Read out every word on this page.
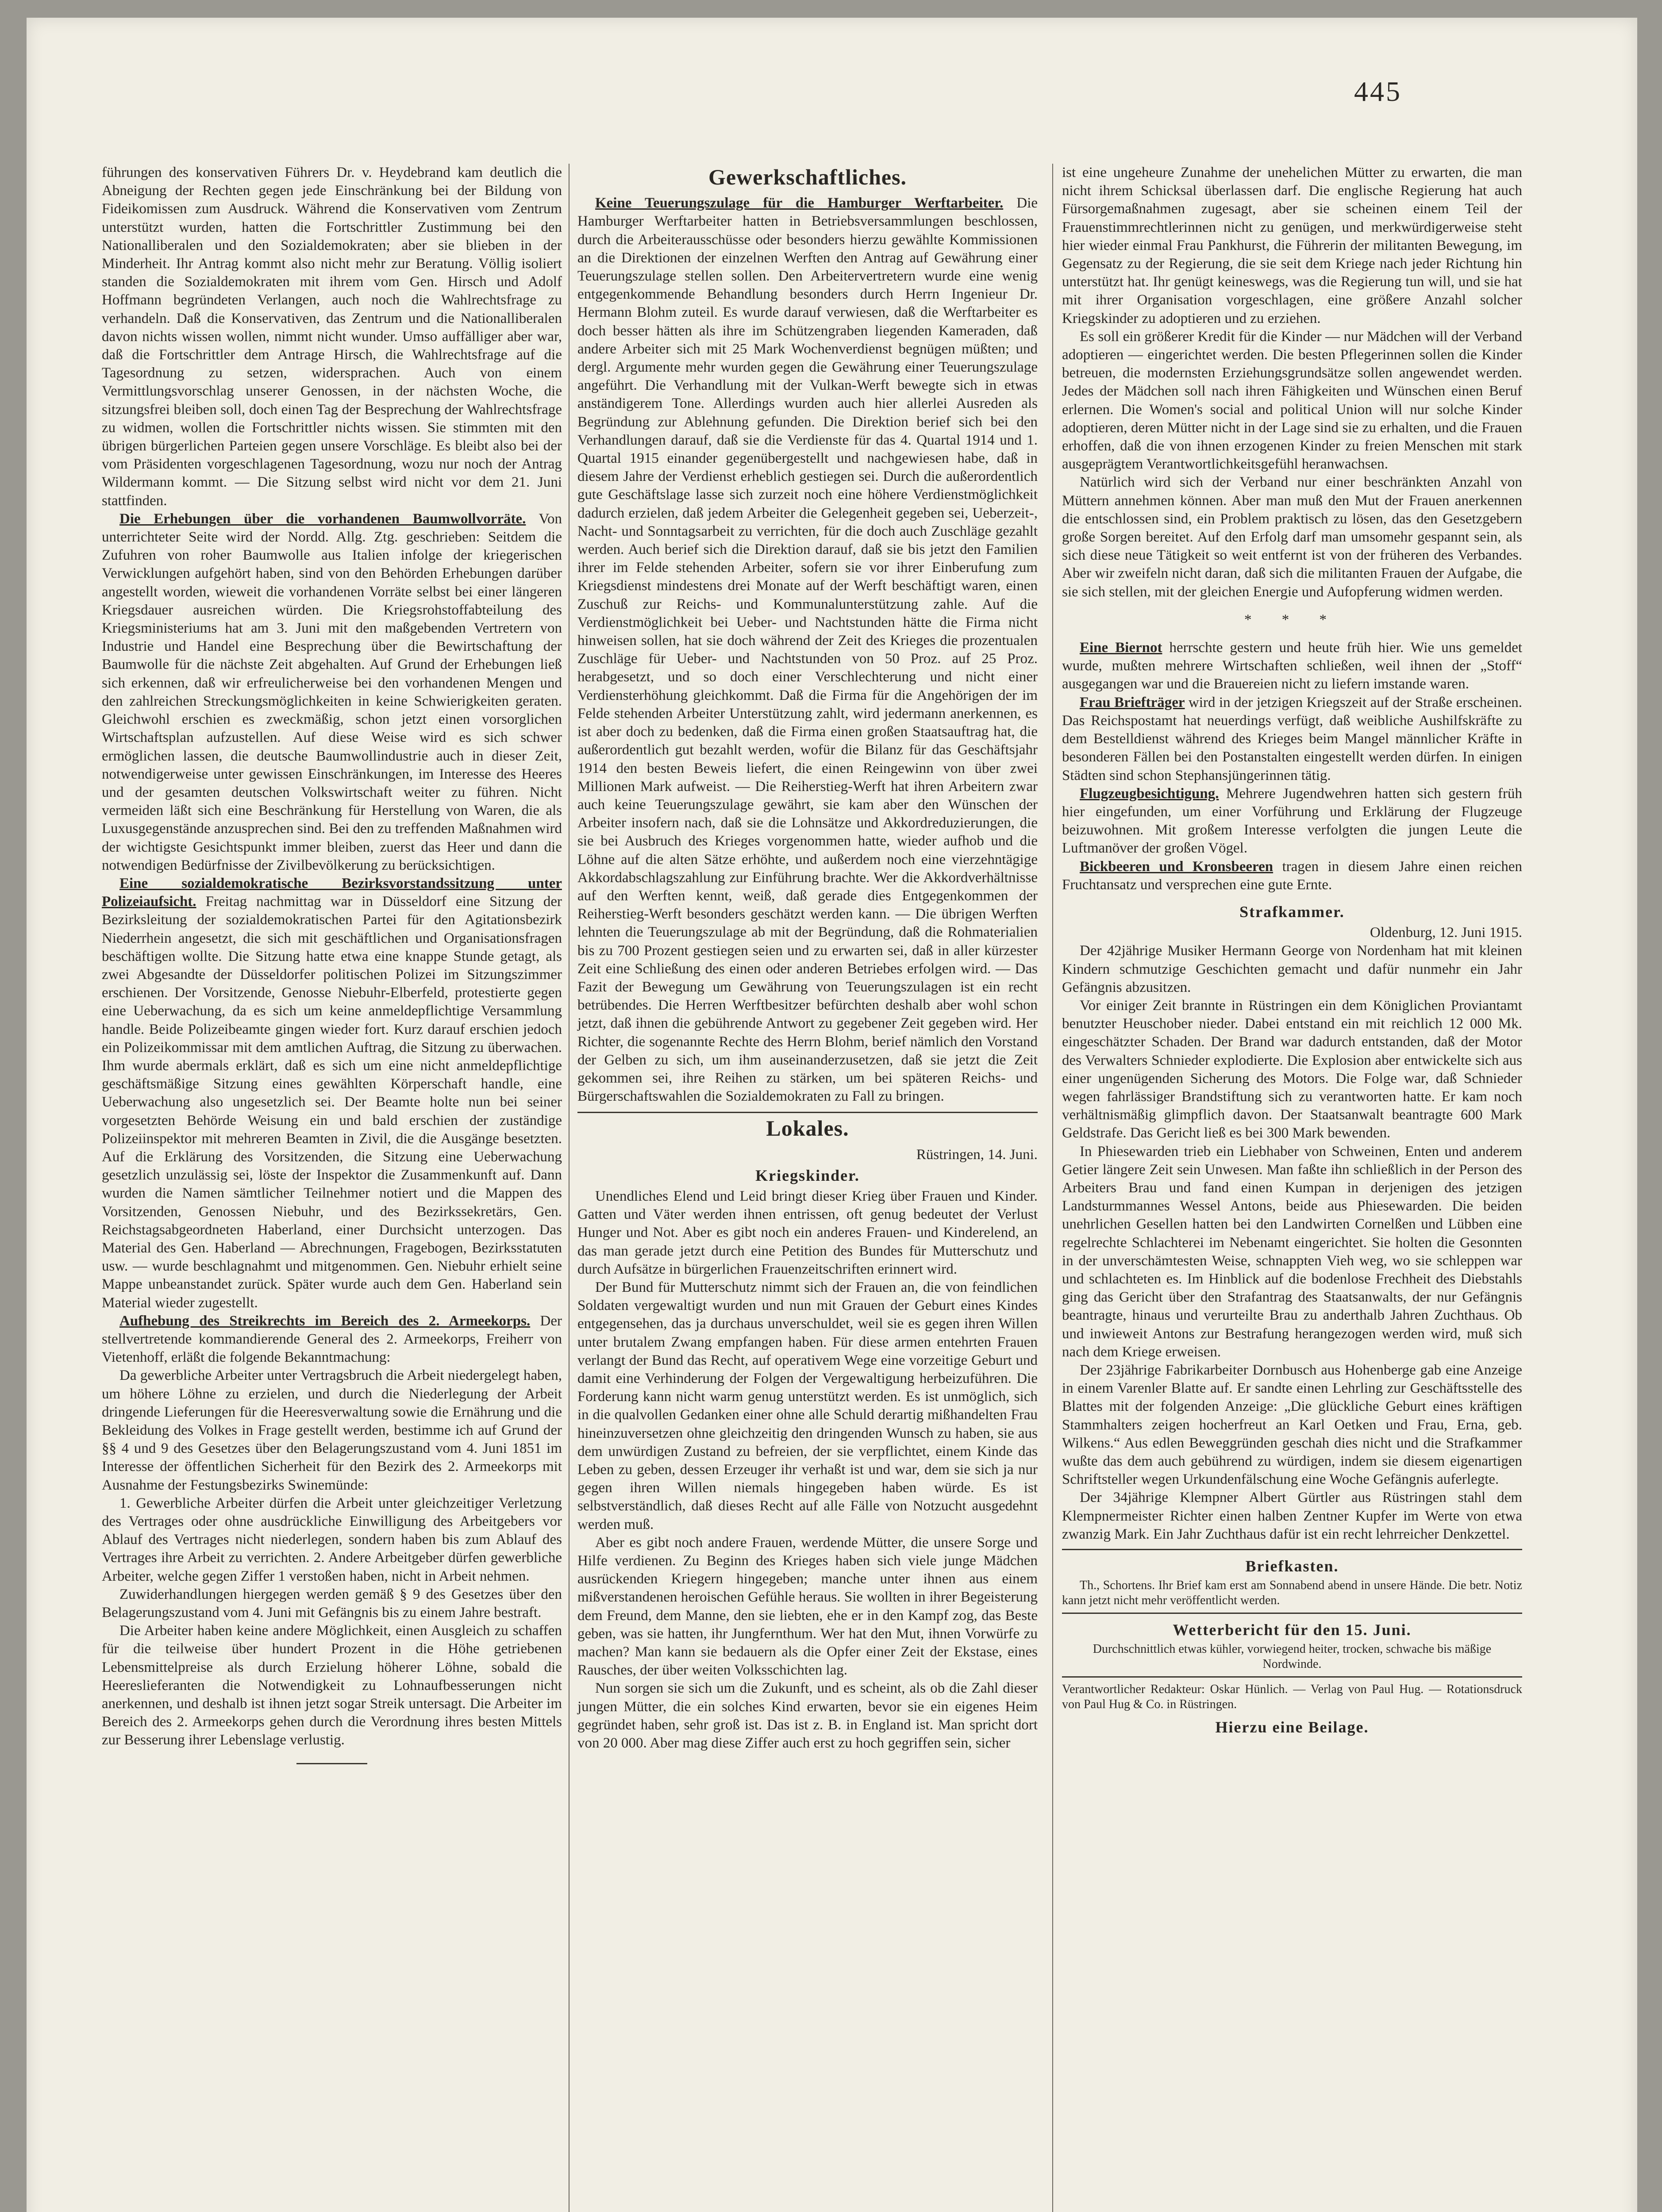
445

führungen des konservativen Führers Dr. v. Heydebrand kam deutlich die Abneigung der Rechten gegen jede Einschränkung bei der Bildung von Fideikomissen zum Ausdruck. Während die Konservativen vom Zentrum unterstützt wurden, hatten die Fortschrittler Zustimmung bei den Nationalliberalen und den Sozialdemokraten; aber sie blieben in der Minderheit. Ihr Antrag kommt also nicht mehr zur Beratung. Völlig isoliert standen die Sozialdemokraten mit ihrem vom Gen. Hirsch und Adolf Hoffmann begründeten Verlangen, auch noch die Wahlrechtsfrage zu verhandeln. Daß die Konservativen, das Zentrum und die Nationalliberalen davon nichts wissen wollen, nimmt nicht wunder. Umso auffälliger aber war, daß die Fortschrittler dem Antrage Hirsch, die Wahlrechtsfrage auf die Tagesordnung zu setzen, widersprachen. Auch von einem Vermittlungsvorschlag unserer Genossen, in der nächsten Woche, die sitzungsfrei bleiben soll, doch einen Tag der Besprechung der Wahlrechtsfrage zu widmen, wollen die Fortschrittler nichts wissen. Sie stimmten mit den übrigen bürgerlichen Parteien gegen unsere Vorschläge. Es bleibt also bei der vom Präsidenten vorgeschlagenen Tagesordnung, wozu nur noch der Antrag Wildermann kommt. — Die Sitzung selbst wird nicht vor dem 21. Juni stattfinden.

Die Erhebungen über die vorhandenen Baumwollvorräte. Von unterrichteter Seite wird der Nordd. Allg. Ztg. geschrieben: Seitdem die Zufuhren von roher Baumwolle aus Italien infolge der kriegerischen Verwicklungen aufgehört haben, sind von den Behörden Erhebungen darüber angestellt worden, wieweit die vorhandenen Vorräte selbst bei einer längeren Kriegsdauer ausreichen würden. Die Kriegsrohstoffabteilung des Kriegsministeriums hat am 3. Juni mit den maßgebenden Vertretern von Industrie und Handel eine Besprechung über die Bewirtschaftung der Baumwolle für die nächste Zeit abgehalten. Auf Grund der Erhebungen ließ sich erkennen, daß wir erfreulicherweise bei den vorhandenen Mengen und den zahlreichen Streckungsmöglichkeiten in keine Schwierigkeiten geraten. Gleichwohl erschien es zweckmäßig, schon jetzt einen vorsorglichen Wirtschaftsplan aufzustellen. Auf diese Weise wird es sich schwer ermöglichen lassen, die deutsche Baumwollindustrie auch in dieser Zeit, notwendigerweise unter gewissen Einschränkungen, im Interesse des Heeres und der gesamten deutschen Volkswirtschaft weiter zu führen. Nicht vermeiden läßt sich eine Beschränkung für Herstellung von Waren, die als Luxusgegenstände anzusprechen sind. Bei den zu treffenden Maßnahmen wird der wichtigste Gesichtspunkt immer bleiben, zuerst das Heer und dann die notwendigen Bedürfnisse der Zivilbevölkerung zu berücksichtigen.

Eine sozialdemokratische Bezirksvorstandssitzung unter Polizeiaufsicht. Freitag nachmittag war in Düsseldorf eine Sitzung der Bezirksleitung der sozialdemokratischen Partei für den Agitationsbezirk Niederrhein angesetzt, die sich mit geschäftlichen und Organisationsfragen beschäftigen wollte. Die Sitzung hatte etwa eine knappe Stunde getagt, als zwei Abgesandte der Düsseldorfer politischen Polizei im Sitzungszimmer erschienen. Der Vorsitzende, Genosse Niebuhr-Elberfeld, protestierte gegen eine Ueberwachung, da es sich um keine anmeldepflichtige Versammlung handle. Beide Polizeibeamte gingen wieder fort. Kurz darauf erschien jedoch ein Polizeikommissar mit dem amtlichen Auftrag, die Sitzung zu überwachen. Ihm wurde abermals erklärt, daß es sich um eine nicht anmeldepflichtige geschäftsmäßige Sitzung eines gewählten Körperschaft handle, eine Ueberwachung also ungesetzlich sei. Der Beamte holte nun bei seiner vorgesetzten Behörde Weisung ein und bald erschien der zuständige Polizeiinspektor mit mehreren Beamten in Zivil, die die Ausgänge besetzten. Auf die Erklärung des Vorsitzenden, die Sitzung eine Ueberwachung gesetzlich unzulässig sei, löste der Inspektor die Zusammenkunft auf. Dann wurden die Namen sämtlicher Teilnehmer notiert und die Mappen des Vorsitzenden, Genossen Niebuhr, und des Bezirkssekretärs, Gen. Reichstagsabgeordneten Haberland, einer Durchsicht unterzogen. Das Material des Gen. Haberland — Abrechnungen, Fragebogen, Bezirksstatuten usw. — wurde beschlagnahmt und mitgenommen. Gen. Niebuhr erhielt seine Mappe unbeanstandet zurück. Später wurde auch dem Gen. Haberland sein Material wieder zugestellt.

Aufhebung des Streikrechts im Bereich des 2. Armeekorps. Der stellvertretende kommandierende General des 2. Armeekorps, Freiherr von Vietenhoff, erläßt die folgende Bekanntmachung:

Da gewerbliche Arbeiter unter Vertragsbruch die Arbeit niedergelegt haben, um höhere Löhne zu erzielen, und durch die Niederlegung der Arbeit dringende Lieferungen für die Heeresverwaltung sowie die Ernährung und die Bekleidung des Volkes in Frage gestellt werden, bestimme ich auf Grund der §§ 4 und 9 des Gesetzes über den Belagerungszustand vom 4. Juni 1851 im Interesse der öffentlichen Sicherheit für den Bezirk des 2. Armeekorps mit Ausnahme der Festungsbezirks Swinemünde:

1. Gewerbliche Arbeiter dürfen die Arbeit unter gleichzeitiger Verletzung des Vertrages oder ohne ausdrückliche Einwilligung des Arbeitgebers vor Ablauf des Vertrages nicht niederlegen, sondern haben bis zum Ablauf des Vertrages ihre Arbeit zu verrichten. 2. Andere Arbeitgeber dürfen gewerbliche Arbeiter, welche gegen Ziffer 1 verstoßen haben, nicht in Arbeit nehmen.

Zuwiderhandlungen hiergegen werden gemäß § 9 des Gesetzes über den Belagerungszustand vom 4. Juni mit Gefängnis bis zu einem Jahre bestraft.

Die Arbeiter haben keine andere Möglichkeit, einen Ausgleich zu schaffen für die teilweise über hundert Prozent in die Höhe getriebenen Lebensmittelpreise als durch Erzielung höherer Löhne, sobald die Heereslieferanten die Notwendigkeit zu Lohnaufbesserungen nicht anerkennen, und deshalb ist ihnen jetzt sogar Streik untersagt. Die Arbeiter im Bereich des 2. Armeekorps gehen durch die Verordnung ihres besten Mittels zur Besserung ihrer Lebenslage verlustig.

Gewerkschaftliches.

Keine Teuerungszulage für die Hamburger Werftarbeiter. Die Hamburger Werftarbeiter hatten in Betriebsversammlungen beschlossen, durch die Arbeiterausschüsse oder besonders hierzu gewählte Kommissionen an die Direktionen der einzelnen Werften den Antrag auf Gewährung einer Teuerungszulage stellen sollen. Den Arbeitervertretern wurde eine wenig entgegenkommende Behandlung besonders durch Herrn Ingenieur Dr. Hermann Blohm zuteil. Es wurde darauf verwiesen, daß die Werftarbeiter es doch besser hätten als ihre im Schützengraben liegenden Kameraden, daß andere Arbeiter sich mit 25 Mark Wochenverdienst begnügen müßten; und dergl. Argumente mehr wurden gegen die Gewährung einer Teuerungszulage angeführt. Die Verhandlung mit der Vulkan-Werft bewegte sich in etwas anständigerem Tone. Allerdings wurden auch hier allerlei Ausreden als Begründung zur Ablehnung gefunden. Die Direktion berief sich bei den Verhandlungen darauf, daß sie die Verdienste für das 4. Quartal 1914 und 1. Quartal 1915 einander gegenübergestellt und nachgewiesen habe, daß in diesem Jahre der Verdienst erheblich gestiegen sei. Durch die außerordentlich gute Geschäftslage lasse sich zurzeit noch eine höhere Verdienstmöglichkeit dadurch erzielen, daß jedem Arbeiter die Gelegenheit gegeben sei, Ueberzeit-, Nacht- und Sonntagsarbeit zu verrichten, für die doch auch Zuschläge gezahlt werden. Auch berief sich die Direktion darauf, daß sie bis jetzt den Familien ihrer im Felde stehenden Arbeiter, sofern sie vor ihrer Einberufung zum Kriegsdienst mindestens drei Monate auf der Werft beschäftigt waren, einen Zuschuß zur Reichs- und Kommunalunterstützung zahle. Auf die Verdienstmöglichkeit bei Ueber- und Nachtstunden hätte die Firma nicht hinweisen sollen, hat sie doch während der Zeit des Krieges die prozentualen Zuschläge für Ueber- und Nachtstunden von 50 Proz. auf 25 Proz. herabgesetzt, und so doch einer Verschlechterung und nicht einer Verdiensterhöhung gleichkommt. Daß die Firma für die Angehörigen der im Felde stehenden Arbeiter Unterstützung zahlt, wird jedermann anerkennen, es ist aber doch zu bedenken, daß die Firma einen großen Staatsauftrag hat, die außerordentlich gut bezahlt werden, wofür die Bilanz für das Geschäftsjahr 1914 den besten Beweis liefert, die einen Reingewinn von über zwei Millionen Mark aufweist. — Die Reiherstieg-Werft hat ihren Arbeitern zwar auch keine Teuerungszulage gewährt, sie kam aber den Wünschen der Arbeiter insofern nach, daß sie die Lohnsätze und Akkordreduzierungen, die sie bei Ausbruch des Krieges vorgenommen hatte, wieder aufhob und die Löhne auf die alten Sätze erhöhte, und außerdem noch eine vierzehntägige Akkordabschlagszahlung zur Einführung brachte. Wer die Akkordverhältnisse auf den Werften kennt, weiß, daß gerade dies Entgegenkommen der Reiherstieg-Werft besonders geschätzt werden kann. — Die übrigen Werften lehnten die Teuerungszulage ab mit der Begründung, daß die Rohmaterialien bis zu 700 Prozent gestiegen seien und zu erwarten sei, daß in aller kürzester Zeit eine Schließung des einen oder anderen Betriebes erfolgen wird. — Das Fazit der Bewegung um Gewährung von Teuerungszulagen ist ein recht betrübendes. Die Herren Werftbesitzer befürchten deshalb aber wohl schon jetzt, daß ihnen die gebührende Antwort zu gegebener Zeit gegeben wird. Her Richter, die sogenannte Rechte des Herrn Blohm, berief nämlich den Vorstand der Gelben zu sich, um ihm auseinanderzusetzen, daß sie jetzt die Zeit gekommen sei, ihre Reihen zu stärken, um bei späteren Reichs- und Bürgerschaftswahlen die Sozialdemokraten zu Fall zu bringen.

Lokales.
Rüstringen, 14. Juni.
Kriegskinder.

Unendliches Elend und Leid bringt dieser Krieg über Frauen und Kinder. Gatten und Väter werden ihnen entrissen, oft genug bedeutet der Verlust Hunger und Not. Aber es gibt noch ein anderes Frauen- und Kinderelend, an das man gerade jetzt durch eine Petition des Bundes für Mutterschutz und durch Aufsätze in bürgerlichen Frauenzeitschriften erinnert wird.

Der Bund für Mutterschutz nimmt sich der Frauen an, die von feindlichen Soldaten vergewaltigt wurden und nun mit Grauen der Geburt eines Kindes entgegensehen, das ja durchaus unverschuldet, weil sie es gegen ihren Willen unter brutalem Zwang empfangen haben. Für diese armen entehrten Frauen verlangt der Bund das Recht, auf operativem Wege eine vorzeitige Geburt und damit eine Verhinderung der Folgen der Vergewaltigung herbeizuführen. Die Forderung kann nicht warm genug unterstützt werden. Es ist unmöglich, sich in die qualvollen Gedanken einer ohne alle Schuld derartig mißhandelten Frau hineinzuversetzen ohne gleichzeitig den dringenden Wunsch zu haben, sie aus dem unwürdigen Zustand zu befreien, der sie verpflichtet, einem Kinde das Leben zu geben, dessen Erzeuger ihr verhaßt ist und war, dem sie sich ja nur gegen ihren Willen niemals hingegeben haben würde. Es ist selbstverständlich, daß dieses Recht auf alle Fälle von Notzucht ausgedehnt werden muß.

Aber es gibt noch andere Frauen, werdende Mütter, die unsere Sorge und Hilfe verdienen. Zu Beginn des Krieges haben sich viele junge Mädchen ausrückenden Kriegern hingegeben; manche unter ihnen aus einem mißverstandenen heroischen Gefühle heraus. Sie wollten in ihrer Begeisterung dem Freund, dem Manne, den sie liebten, ehe er in den Kampf zog, das Beste geben, was sie hatten, ihr Jungfernthum. Wer hat den Mut, ihnen Vorwürfe zu machen? Man kann sie bedauern als die Opfer einer Zeit der Ekstase, eines Rausches, der über weiten Volksschichten lag.

Nun sorgen sie sich um die Zukunft, und es scheint, als ob die Zahl dieser jungen Mütter, die ein solches Kind erwarten, bevor sie ein eigenes Heim gegründet haben, sehr groß ist. Das ist z. B. in England ist. Man spricht dort von 20 000. Aber mag diese Ziffer auch erst zu hoch gegriffen sein, sicher

ist eine ungeheure Zunahme der unehelichen Mütter zu erwarten, die man nicht ihrem Schicksal überlassen darf. Die englische Regierung hat auch Fürsorgemaßnahmen zugesagt, aber sie scheinen einem Teil der Frauenstimmrechtlerinnen nicht zu genügen, und merkwürdigerweise steht hier wieder einmal Frau Pankhurst, die Führerin der militanten Bewegung, im Gegensatz zu der Regierung, die sie seit dem Kriege nach jeder Richtung hin unterstützt hat. Ihr genügt keineswegs, was die Regierung tun will, und sie hat mit ihrer Organisation vorgeschlagen, eine größere Anzahl solcher Kriegskinder zu adoptieren und zu erziehen.

Es soll ein größerer Kredit für die Kinder — nur Mädchen will der Verband adoptieren — eingerichtet werden. Die besten Pflegerinnen sollen die Kinder betreuen, die modernsten Erziehungsgrundsätze sollen angewendet werden. Jedes der Mädchen soll nach ihren Fähigkeiten und Wünschen einen Beruf erlernen. Die Women's social and political Union will nur solche Kinder adoptieren, deren Mütter nicht in der Lage sind sie zu erhalten, und die Frauen erhoffen, daß die von ihnen erzogenen Kinder zu freien Menschen mit stark ausgeprägtem Verantwortlichkeitsgefühl heranwachsen.

Natürlich wird sich der Verband nur einer beschränkten Anzahl von Müttern annehmen können. Aber man muß den Mut der Frauen anerkennen die entschlossen sind, ein Problem praktisch zu lösen, das den Gesetzgebern große Sorgen bereitet. Auf den Erfolg darf man umsomehr gespannt sein, als sich diese neue Tätigkeit so weit entfernt ist von der früheren des Verbandes. Aber wir zweifeln nicht daran, daß sich die militanten Frauen der Aufgabe, die sie sich stellen, mit der gleichen Energie und Aufopferung widmen werden.

* * *

Eine Biernot herrschte gestern und heute früh hier. Wie uns gemeldet wurde, mußten mehrere Wirtschaften schließen, weil ihnen der „Stoff“ ausgegangen war und die Brauereien nicht zu liefern imstande waren.

Frau Briefträger wird in der jetzigen Kriegszeit auf der Straße erscheinen. Das Reichspostamt hat neuerdings verfügt, daß weibliche Aushilfskräfte zu dem Bestelldienst während des Krieges beim Mangel männlicher Kräfte in besonderen Fällen bei den Postanstalten eingestellt werden dürfen. In einigen Städten sind schon Stephansjüngerinnen tätig.

Flugzeugbesichtigung. Mehrere Jugendwehren hatten sich gestern früh hier eingefunden, um einer Vorführung und Erklärung der Flugzeuge beizuwohnen. Mit großem Interesse verfolgten die jungen Leute die Luftmanöver der großen Vögel.

Bickbeeren und Kronsbeeren tragen in diesem Jahre einen reichen Fruchtansatz und versprechen eine gute Ernte.

Strafkammer.
Oldenburg, 12. Juni 1915.

Der 42jährige Musiker Hermann George von Nordenham hat mit kleinen Kindern schmutzige Geschichten gemacht und dafür nunmehr ein Jahr Gefängnis abzusitzen.

Vor einiger Zeit brannte in Rüstringen ein dem Königlichen Proviantamt benutzter Heuschober nieder. Dabei entstand ein mit reichlich 12 000 Mk. eingeschätzter Schaden. Der Brand war dadurch entstanden, daß der Motor des Verwalters Schnieder explodierte. Die Explosion aber entwickelte sich aus einer ungenügenden Sicherung des Motors. Die Folge war, daß Schnieder wegen fahrlässiger Brandstiftung sich zu verantworten hatte. Er kam noch verhältnismäßig glimpflich davon. Der Staatsanwalt beantragte 600 Mark Geldstrafe. Das Gericht ließ es bei 300 Mark bewenden.

In Phiesewarden trieb ein Liebhaber von Schweinen, Enten und anderem Getier längere Zeit sein Unwesen. Man faßte ihn schließlich in der Person des Arbeiters Brau und fand einen Kumpan in derjenigen des jetzigen Landsturmmannes Wessel Antons, beide aus Phiesewarden. Die beiden unehrlichen Gesellen hatten bei den Landwirten Cornelßen und Lübben eine regelrechte Schlachterei im Nebenamt eingerichtet. Sie holten die Gesonnten in der unverschämtesten Weise, schnappten Vieh weg, wo sie schleppen war und schlachteten es. Im Hinblick auf die bodenlose Frechheit des Diebstahls ging das Gericht über den Strafantrag des Staatsanwalts, der nur Gefängnis beantragte, hinaus und verurteilte Brau zu anderthalb Jahren Zuchthaus. Ob und inwieweit Antons zur Bestrafung herangezogen werden wird, muß sich nach dem Kriege erweisen.

Der 23jährige Fabrikarbeiter Dornbusch aus Hohenberge gab eine Anzeige in einem Varenler Blatte auf. Er sandte einen Lehrling zur Geschäftsstelle des Blattes mit der folgenden Anzeige: „Die glückliche Geburt eines kräftigen Stammhalters zeigen hocherfreut an Karl Oetken und Frau, Erna, geb. Wilkens.“ Aus edlen Beweggründen geschah dies nicht und die Strafkammer wußte das dem auch gebührend zu würdigen, indem sie diesem eigenartigen Schriftsteller wegen Urkundenfälschung eine Woche Gefängnis auferlegte.

Der 34jährige Klempner Albert Gürtler aus Rüstringen stahl dem Klempnermeister Richter einen halben Zentner Kupfer im Werte von etwa zwanzig Mark. Ein Jahr Zuchthaus dafür ist ein recht lehrreicher Denkzettel.

Briefkasten.

Th., Schortens. Ihr Brief kam erst am Sonnabend abend in unsere Hände. Die betr. Notiz kann jetzt nicht mehr veröffentlicht werden.

Wetterbericht für den 15. Juni.

Durchschnittlich etwas kühler, vorwiegend heiter, trocken, schwache bis mäßige Nordwinde.

Verantwortlicher Redakteur: Oskar Hünlich. — Verlag von Paul Hug. — Rotationsdruck von Paul Hug & Co. in Rüstringen.

Hierzu eine Beilage.
